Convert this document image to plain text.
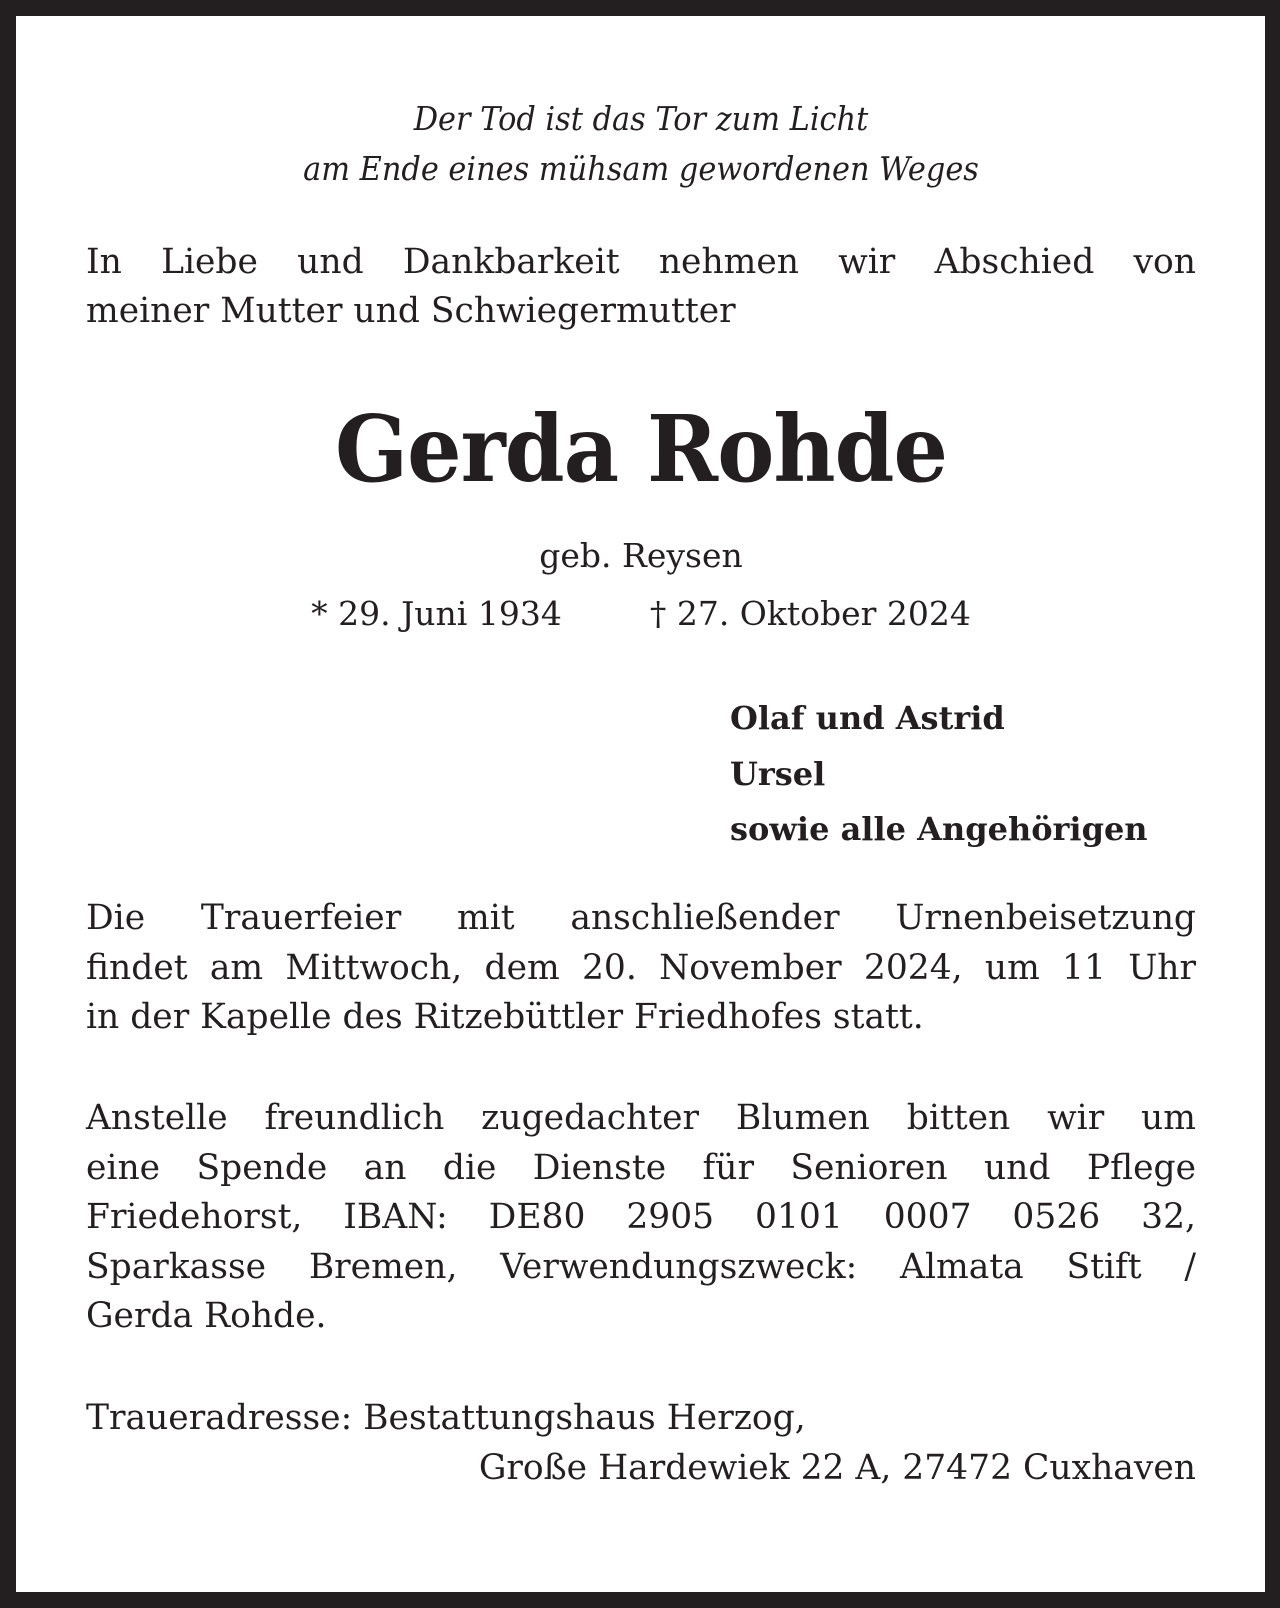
Der Tod ist das Tor zum Licht
am Ende eines mühsam gewordenen Weges
In Liebe und Dankbarkeit nehmen wir Abschied von
meiner Mutter und Schwiegermutter
Gerda Rohde
geb. Reysen
* 29. Juni 1934	† 27. Oktober 2024
Olaf und Astrid
Ursel
sowie alle Angehörigen
Die Trauerfeier mit anschließender Urnenbeisetzung
findet am Mittwoch, dem 20. November 2024, um 11 Uhr
in der Kapelle des Ritzebüttler Friedhofes statt.
Anstelle freundlich zugedachter Blumen bitten wir um
eine Spende an die Dienste für Senioren und Pflege
Friedehorst, IBAN: DE80 2905 0101 0007 0526 32,
Sparkasse Bremen, Verwendungszweck: Almata Stift /
Gerda Rohde.
Traueradresse: Bestattungshaus Herzog,
Große Hardewiek 22 A, 27472 Cuxhaven
